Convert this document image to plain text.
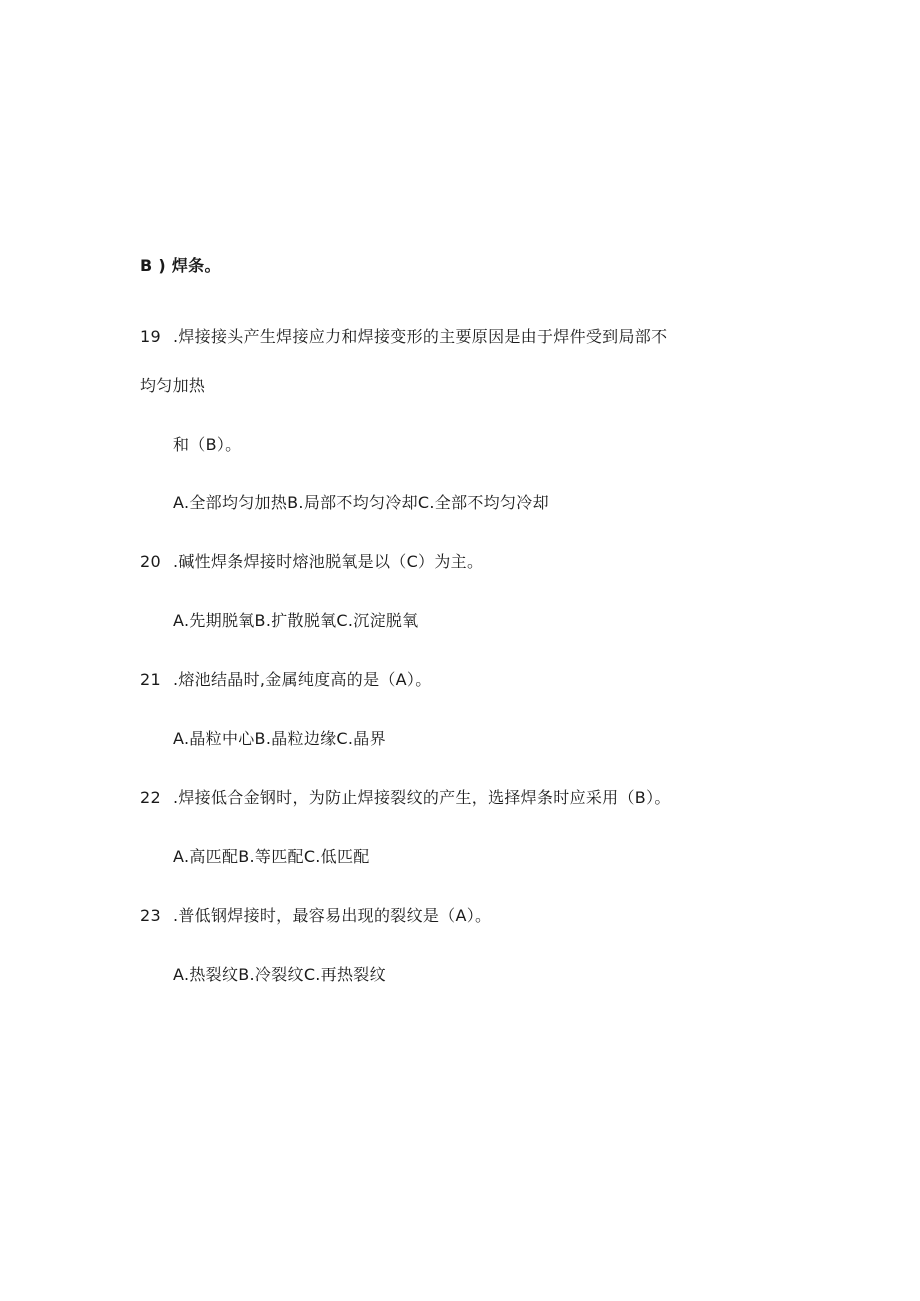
B ) 焊条。
19 .焊接接头产生焊接应力和焊接变形的主要原因是由于焊件受到局部不
均匀加热
和（B）。
A.全部均匀加热B.局部不均匀冷却C.全部不均匀冷却
20 .碱性焊条焊接时熔池脱氧是以（C）为主。
A.先期脱氧B.扩散脱氧C.沉淀脱氧
21 .熔池结晶时,金属纯度高的是（A）。
A.晶粒中心B.晶粒边缘C.晶界
22 .焊接低合金钢时，为防止焊接裂纹的产生，选择焊条时应采用（B）。
A.高匹配B.等匹配C.低匹配
23 .普低钢焊接时，最容易出现的裂纹是（A）。
A.热裂纹B.冷裂纹C.再热裂纹
